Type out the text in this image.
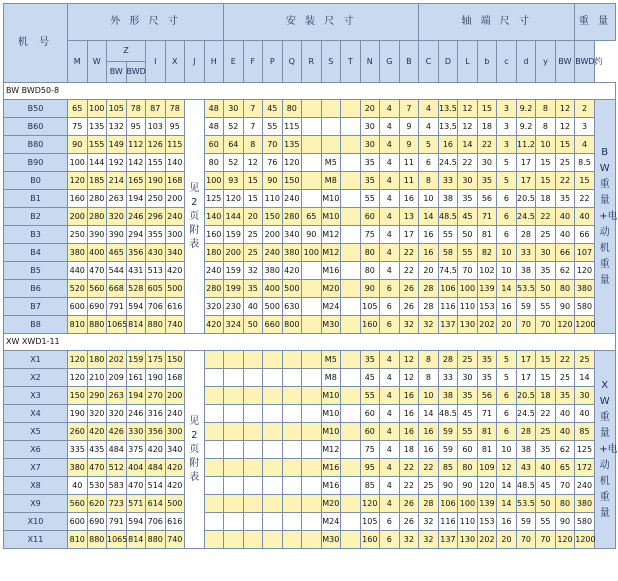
机 号	外 形 尺 寸								安 装 尺 寸										轴 端 尺 寸								重 量	
	M	W	Z		I	X	J	H	E	F	P	Q	R	S	T	N	G	B	C	D	L	b	c	d	y	BW	BWD约	
			BW	BWD																								
BW BWD50-8																												
B50	65	100	105	78	87	78	见2页附表	48	30	7	45	80				20	4	7	4	13.5	12	15	3	9.2	8	12	2	BW重量+电动机重量
B60	75	135	132	95	103	95		48	52	7	55	115				30	4	9	4	13.5	12	18	3	9.2	8	12	3	
B80	90	155	149	112	126	115		60	64	8	70	135				30	4	9	5	16	14	22	3	11.2	10	15	4	
B90	100	144	192	142	155	140		80	52	12	76	120		M5		35	4	11	6	24.5	22	30	5	17	15	25	8.5	
B0	120	185	214	165	190	168		100	93	15	90	150		M8		35	4	11	8	33	30	35	5	17	15	22	15	
B1	160	280	263	194	250	200		125	120	15	110	240		M10		55	4	16	10	38	35	56	6	20.5	18	35	22	
B2	200	280	320	246	296	240		140	144	20	150	280	65	M10		60	4	13	14	48.5	45	71	6	24.5	22	40	40	
B3	250	390	390	294	355	300		160	159	25	200	340	90	M12		75	4	17	16	55	50	81	6	28	25	40	66	
B4	380	400	465	356	430	340		180	200	25	240	380	100	M12		80	4	22	16	58	55	82	10	33	30	66	107	
B5	440	470	544	431	513	420		240	159	32	380	420		M16		80	4	22	20	74.5	70	102	10	38	35	62	120	
B6	520	560	668	528	605	500		280	199	35	400	500		M20		90	6	26	28	106	100	139	14	53.5	50	80	380	
B7	600	690	791	594	706	616		320	230	40	500	630		M24		105	6	26	28	116	110	153	16	59	55	90	580	
B8	810	880	1065	814	880	740		420	324	50	660	800		M30		160	6	32	32	137	130	202	20	70	70	120	1200	
XW XWD1-11																												
X1	120	180	202	159	175	150	见2页附表							M5		35	4	12	8	28	25	35	5	17	15	22	25	XW重量+电动机重量
X2	120	210	209	161	190	168								M8		45	4	12	8	33	30	35	5	17	15	25	14	
X3	150	290	263	194	270	200								M10		55	4	16	10	38	35	56	6	20.5	18	35	30	
X4	190	320	320	246	316	240								M10		60	4	16	14	48.5	45	71	6	24.5	22	40	40	
X5	260	420	426	330	356	300								M10		60	4	16	16	59	55	81	6	28	25	40	85	
X6	335	435	484	375	420	340								M12		75	4	18	16	59	60	81	10	38	35	62	125	
X7	380	470	512	404	484	420								M16		95	4	22	22	85	80	109	12	43	40	65	172	
X8	40	530	583	470	514	420								M16		85	4	22	25	90	90	120	14	48.5	45	70	240	
X9	560	620	723	571	614	500								M20		120	4	26	28	106	100	139	14	53.5	50	80	380	
X10	600	690	791	594	706	616								M24		105	6	26	32	116	110	153	16	59	55	90	580	
X11	810	880	1065	814	880	740								M30		160	6	32	32	137	130	202	20	70	70	120	1200	
